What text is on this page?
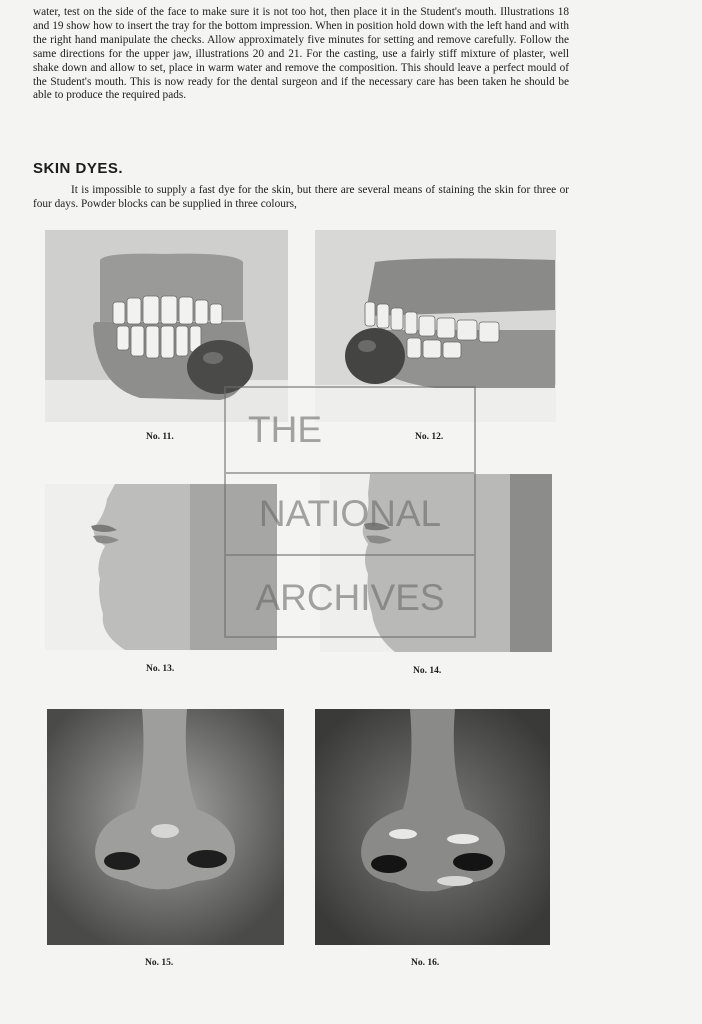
water, test on the side of the face to make sure it is not too hot, then place it in the Student's mouth. Illustrations 18 and 19 show how to insert the tray for the bottom impression. When in position hold down with the left hand and with the right hand manipulate the checks. Allow approximately five minutes for setting and remove carefully. Follow the same directions for the upper jaw, illustrations 20 and 21. For the casting, use a fairly stiff mixture of plaster, well shake down and allow to set, place in warm water and remove the composition. This should leave a perfect mould of the Student's mouth. This is now ready for the dental surgeon and if the necessary care has been taken he should be able to produce the required pads.

SKIN DYES.

It is impossible to supply a fast dye for the skin, but there are several means of staining the skin for three or four days. Powder blocks can be supplied in three colours,

No. 11.	No. 12.
No. 13.	No. 14.
No. 15.	No. 16.
THE
NATIONAL
ARCHIVES
